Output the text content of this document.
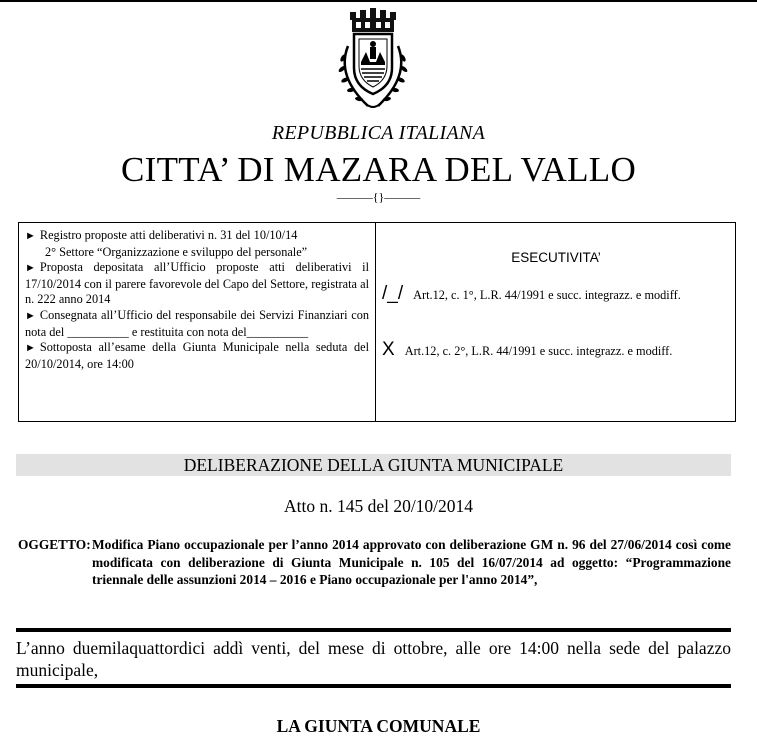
REPUBBLICA ITALIANA
CITTA’ DI MAZARA DEL VALLO
———{}———

► Registro proposte atti deliberativi n. 31 del 10/10/14

2° Settore “Organizzazione e sviluppo del personale”

► Proposta depositata all’Ufficio proposte atti deliberativi il 17/10/2014 con il parere favorevole del Capo del Settore, registrata al n. 222 anno 2014

► Consegnata all’Ufficio del responsabile dei Servizi Finanziari con nota del __________ e restituita con nota del__________

► Sottoposta all’esame della Giunta Municipale nella seduta del 20/10/2014, ore 14:00

ESECUTIVITA’
/_/ Art.12, c. 1°, L.R. 44/1991 e succ. integrazz. e modiff.
X Art.12, c. 2°, L.R. 44/1991 e succ. integrazz. e modiff.
DELIBERAZIONE DELLA GIUNTA MUNICIPALE
Atto n. 145 del 20/10/2014
OGGETTO: Modifica Piano occupazionale per l’anno 2014 approvato con deliberazione GM n. 96 del 27/06/2014 così come modificata con deliberazione di Giunta Municipale n. 105 del 16/07/2014 ad oggetto: “Programmazione triennale delle assunzioni 2014 – 2016 e Piano occupazionale per l'anno 2014”,
L’anno duemilaquattordici addì venti, del mese di ottobre, alle ore 14:00 nella sede del palazzo municipale,
LA GIUNTA COMUNALE
